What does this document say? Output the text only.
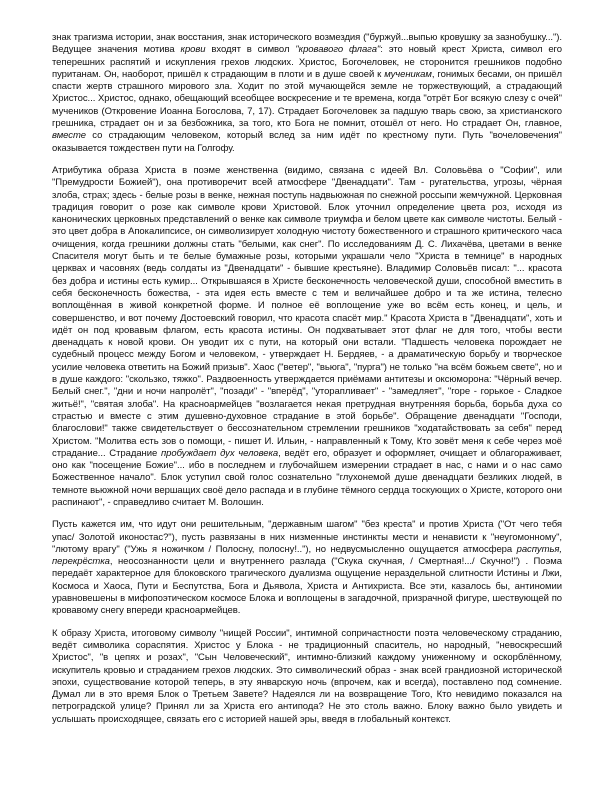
знак трагизма истории, знак восстания, знак исторического возмездия ("буржуй...выпью кровушку за зазнобушку..."). Ведущее значения мотива крови входят в символ "кровавого флага": это новый крест Христа, символ его теперешних распятий и искупления грехов людских. Христос, Богочеловек, не сторонится грешников подобно пуританам. Он, наоборот, пришёл к страдающим в плоти и в душе своей к мученикам, гонимых бесами, он пришёл спасти жертв страшного мирового зла. Ходит по этой мучающейся земле не торжествующий, а страдающий Христос... Христос, однако, обещающий всеобщее воскресение и те времена, когда "отрёт Бог всякую слезу с очей" мучеников (Откровение Иоанна Богослова, 7, 17). Страдает Богочеловек за падшую тварь свою, за христианского грешника, страдает он и за безбожника, за того, кто Бога не помнит, отошёл от него. Но страдает Он, главное, вместе со страдающим человеком, который вслед за ним идёт по крестному пути. Путь "вочеловечения" оказывается тождествен пути на Голгофу.

Атрибутика образа Христа в поэме женственна (видимо, связана с идеей Вл. Соловьёва о "Софии", или "Премудрости Божией"), она противоречит всей атмосфере "Двенадцати". Там - ругательства, угрозы, чёрная злоба, страх; здесь - белые розы в венке, нежная поступь надвьюжная по снежной россыпи жемчужной. Церковная традиция говорит о розе как символе крови Христовой. Блок уточнил определение цвета роз, исходя из канонических церковных представлений о венке как символе триумфа и белом цвете как символе чистоты. Белый - это цвет добра в Апокалипсисе, он символизирует холодную чистоту божественного и страшного критического часа очищения, когда грешники должны стать "белыми, как снег". По исследованиям Д. С. Лихачёва, цветами в венке Спасителя могут быть и те белые бумажные розы, которыми украшали чело "Христа в темнице" в народных церквах и часовнях (ведь солдаты из "Двенадцати" - бывшие крестьяне). Владимир Соловьёв писал: "... красота без добра и истины есть кумир... Открывшаяся в Христе бесконечность человеческой души, способной вместить в себя бесконечность божества, - эта идея есть вместе с тем и величайшее добро и та же истина, телесно воплощённая в живой конкретной форме. И полное её воплощение уже во всём есть конец, и цель, и совершенство, и вот почему Достоевский говорил, что красота спасёт мир." Красота Христа в "Двенадцати", хоть и идёт он под кровавым флагом, есть красота истины. Он подхватывает этот флаг не для того, чтобы вести двенадцать к новой крови. Он уводит их с пути, на который они встали. "Падшесть человека порождает не судебный процесс между Богом и человеком, - утверждает Н. Бердяев, - а драматическую борьбу и творческое усилие человека ответить на Божий призыв". Хаос ("ветер", "вьюга", "пурга") не только "на всём божьем свете", но и в душе каждого: "скользко, тяжко". Раздвоенность утверждается приёмами антитезы и оксюморона: "Чёрный вечер. Белый снег.", "дни и ночи напролёт", "позади" - "вперёд", "уторапливает" - "замедляет", "горе - горькое - Сладкое житьё!", "святая злоба". На красноармейцев "возлагается некая претрудная внутренняя борьба, борьба духа со страстью и вместе с этим душевно-духовное страдание в этой борьбе". Обращение двенадцати "Господи, благослови!" также свидетельствует о бессознательном стремлении грешников "ходатайствовать за себя" перед Христом. "Молитва есть зов о помощи, - пишет И. Ильин, - направленный к Тому, Кто зовёт меня к себе через моё страдание... Страдание пробуждает дух человека, ведёт его, образует и оформляет, очищает и облагораживает, оно как "посещение Божие"... ибо в последнем и глубочайшем измерении страдает в нас, с нами и о нас само Божественное начало". Блок уступил свой голос сознательно "глухонемой душе двенадцати безликих людей, в темноте вьюжной ночи вершащих своё дело распада и в глубине тёмного сердца тоскующих о Христе, которого они распинают", - справедливо считает М. Волошин.

Пусть кажется им, что идут они решительным, "державным шагом" "без креста" и против Христа ("От чего тебя упас/ Золотой иконостас?"), пусть развязаны в них низменные инстинкты мести и ненависти к "неугомонному", "лютому врагу" ("Ужь я ножичком / Полосну, полосну!.."), но недвусмысленно ощущается атмосфера распутья, перекрёстка, неосознанности цели и внутреннего разлада ("Скука скучная, / Смертная!.../ Скучно!") . Поэма передаёт характерное для блоковского трагического дуализма ощущение нераздельной слитности Истины и Лжи, Космоса и Хаоса, Пути и Беспутства, Бога и Дьявола, Христа и Антихриста. Все эти, казалось бы, антиномии уравновешены в мифопоэтическом космосе Блока и воплощены в загадочной, призрачной фигуре, шествующей по кровавому снегу впереди красноармейцев.

К образу Христа, итоговому символу "нищей России", интимной сопричастности поэта человеческому страданию, ведёт символика сораспятия. Христос у Блока - не традиционный спаситель, но народный, "невоскресший Христос", "в цепях и розах", "Сын Человеческий", интимно-близкий каждому униженному и оскорблённому, искупитель кровью и страданием грехов людских. Это символический образ - знак всей грандиозной исторической эпохи, существование которой теперь, в эту январскую ночь (впрочем, как и всегда), поставлено под сомнение. Думал ли в это время Блок о Третьем Завете? Надеялся ли на возвращение Того, Кто невидимо показался на петроградской улице? Принял ли за Христа его антипода? Не это столь важно. Блоку важно было увидеть и услышать происходящее, связать его с историей нашей эры, введя в глобальный контекст.
